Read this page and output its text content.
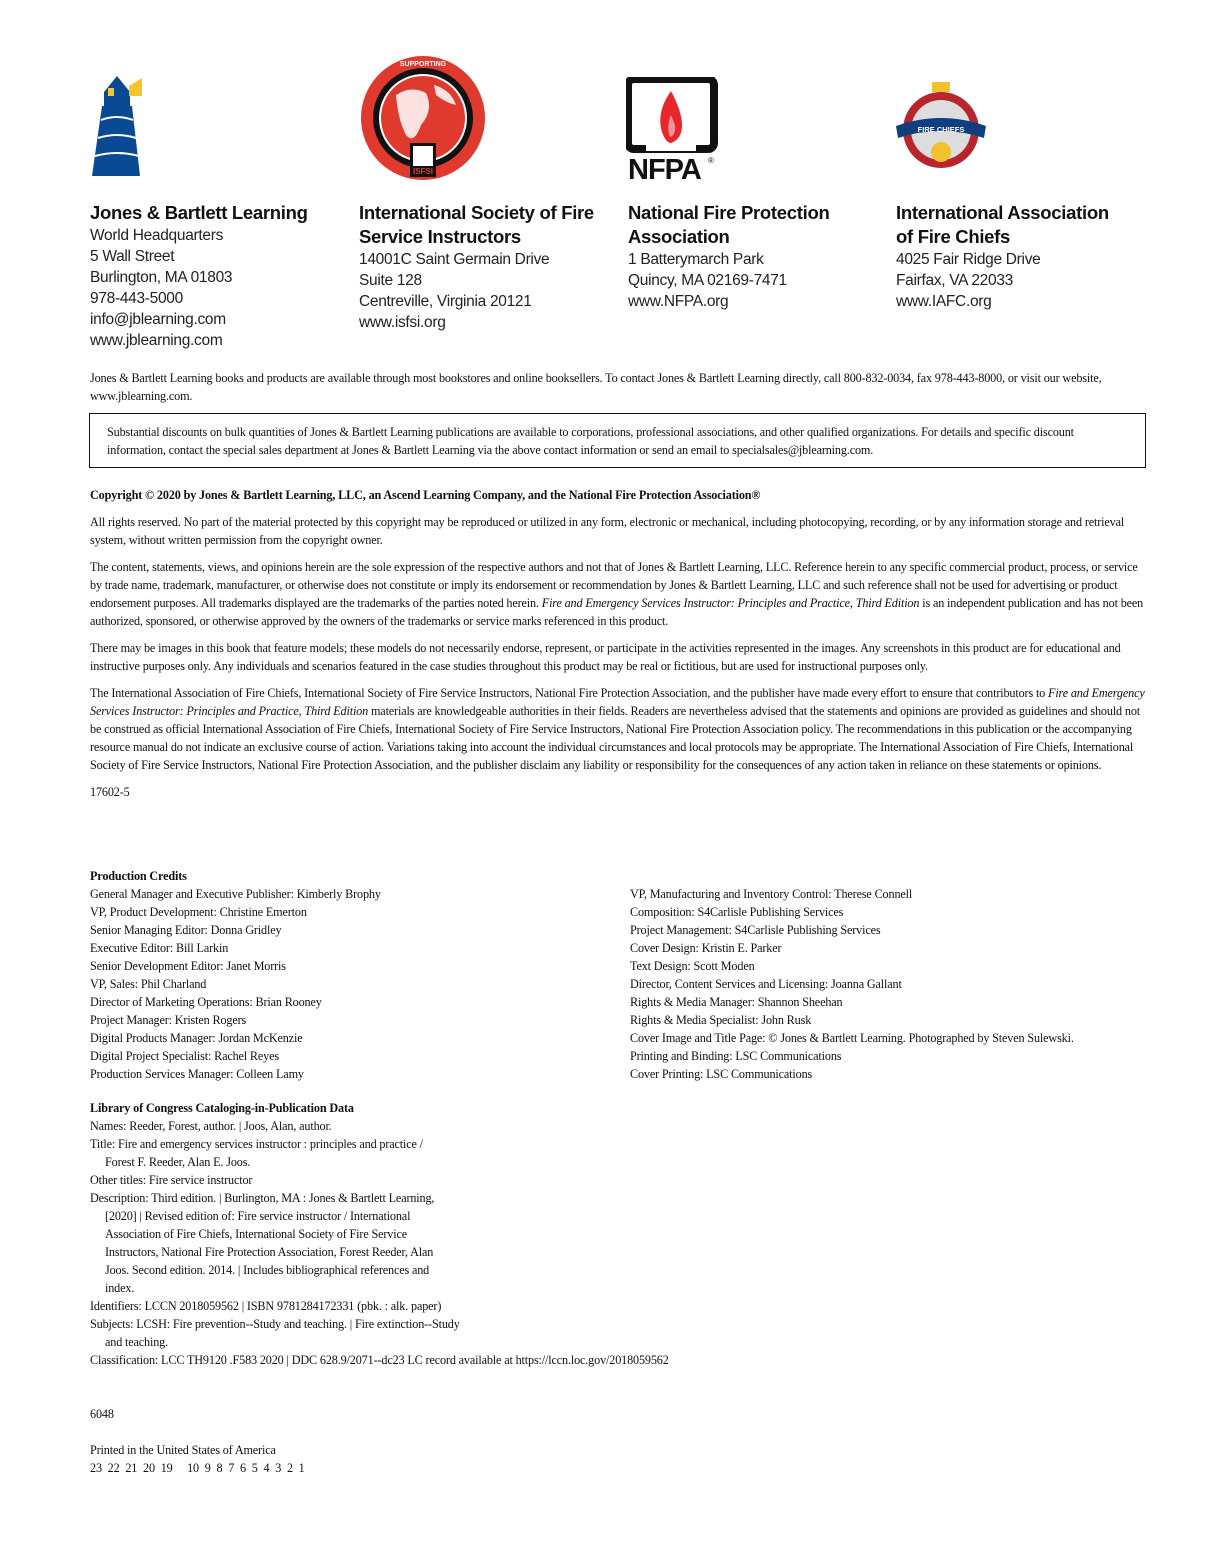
ISFSI
SUPPORTING
NFPA ®
FIRE CHIEFS
Jones & Bartlett Learning
World Headquarters
5 Wall Street
Burlington, MA 01803
978-443-5000
info@jblearning.com
www.jblearning.com
International Society of Fire
Service Instructors
14001C Saint Germain Drive
Suite 128
Centreville, Virginia 20121
www.isfsi.org
National Fire Protection
Association
1 Batterymarch Park
Quincy, MA 02169-7471
www.NFPA.org
International Association
of Fire Chiefs
4025 Fair Ridge Drive
Fairfax, VA 22033
www.IAFC.org

Jones & Bartlett Learning books and products are available through most bookstores and online booksellers. To contact Jones & Bartlett Learning directly, call 800-832-0034, fax 978-443-8000, or visit our website, www.jblearning.com.

Substantial discounts on bulk quantities of Jones & Bartlett Learning publications are available to corporations, professional associations, and other qualified organizations. For details and specific discount information, contact the special sales department at Jones & Bartlett Learning via the above contact information or send an email to specialsales@jblearning.com.

Copyright © 2020 by Jones & Bartlett Learning, LLC, an Ascend Learning Company, and the National Fire Protection Association®

All rights reserved. No part of the material protected by this copyright may be reproduced or utilized in any form, electronic or mechanical, including photocopying, recording, or by any information storage and retrieval system, without written permission from the copyright owner.

The content, statements, views, and opinions herein are the sole expression of the respective authors and not that of Jones & Bartlett Learning, LLC. Reference herein to any specific commercial product, process, or service by trade name, trademark, manufacturer, or otherwise does not constitute or imply its endorsement or recommendation by Jones & Bartlett Learning, LLC and such reference shall not be used for advertising or product endorsement purposes. All trademarks displayed are the trademarks of the parties noted herein. Fire and Emergency Services Instructor: Principles and Practice, Third Edition is an independent publication and has not been authorized, sponsored, or otherwise approved by the owners of the trademarks or service marks referenced in this product.

There may be images in this book that feature models; these models do not necessarily endorse, represent, or participate in the activities represented in the images. Any screenshots in this product are for educational and instructive purposes only. Any individuals and scenarios featured in the case studies throughout this product may be real or fictitious, but are used for instructional purposes only.

The International Association of Fire Chiefs, International Society of Fire Service Instructors, National Fire Protection Association, and the publisher have made every effort to ensure that contributors to Fire and Emergency Services Instructor: Principles and Practice, Third Edition materials are knowledgeable authorities in their fields. Readers are nevertheless advised that the statements and opinions are provided as guidelines and should not be construed as official International Association of Fire Chiefs, International Society of Fire Service Instructors, National Fire Protection Association policy. The recommendations in this publication or the accompanying resource manual do not indicate an exclusive course of action. Variations taking into account the individual circumstances and local protocols may be appropriate. The International Association of Fire Chiefs, International Society of Fire Service Instructors, National Fire Protection Association, and the publisher disclaim any liability or responsibility for the consequences of any action taken in reliance on these statements or opinions.

17602-5

Production Credits

General Manager and Executive Publisher: Kimberly Brophy
VP, Product Development: Christine Emerton
Senior Managing Editor: Donna Gridley
Executive Editor: Bill Larkin
Senior Development Editor: Janet Morris
VP, Sales: Phil Charland
Director of Marketing Operations: Brian Rooney
Project Manager: Kristen Rogers
Digital Products Manager: Jordan McKenzie
Digital Project Specialist: Rachel Reyes
Production Services Manager: Colleen Lamy
VP, Manufacturing and Inventory Control: Therese Connell
Composition: S4Carlisle Publishing Services
Project Management: S4Carlisle Publishing Services
Cover Design: Kristin E. Parker
Text Design: Scott Moden
Director, Content Services and Licensing: Joanna Gallant
Rights & Media Manager: Shannon Sheehan
Rights & Media Specialist: John Rusk
Cover Image and Title Page: © Jones & Bartlett Learning. Photographed by Steven Sulewski.
Printing and Binding: LSC Communications
Cover Printing: LSC Communications

Library of Congress Cataloging-in-Publication Data

Names: Reeder, Forest, author. | Joos, Alan, author.
Title: Fire and emergency services instructor : principles and practice /
Forest F. Reeder, Alan E. Joos.
Other titles: Fire service instructor
Description: Third edition. | Burlington, MA : Jones & Bartlett Learning,
[2020] | Revised edition of: Fire service instructor / International
Association of Fire Chiefs, International Society of Fire Service
Instructors, National Fire Protection Association, Forest Reeder, Alan
Joos. Second edition. 2014. | Includes bibliographical references and
index.
Identifiers: LCCN 2018059562 | ISBN 9781284172331 (pbk. : alk. paper)
Subjects: LCSH: Fire prevention--Study and teaching. | Fire extinction--Study
and teaching.
Classification: LCC TH9120 .F583 2020 | DDC 628.9/2071--dc23 LC record available at https://lccn.loc.gov/2018059562

6048

Printed in the United States of America

23  22  21  20  19     10  9  8  7  6  5  4  3  2  1
